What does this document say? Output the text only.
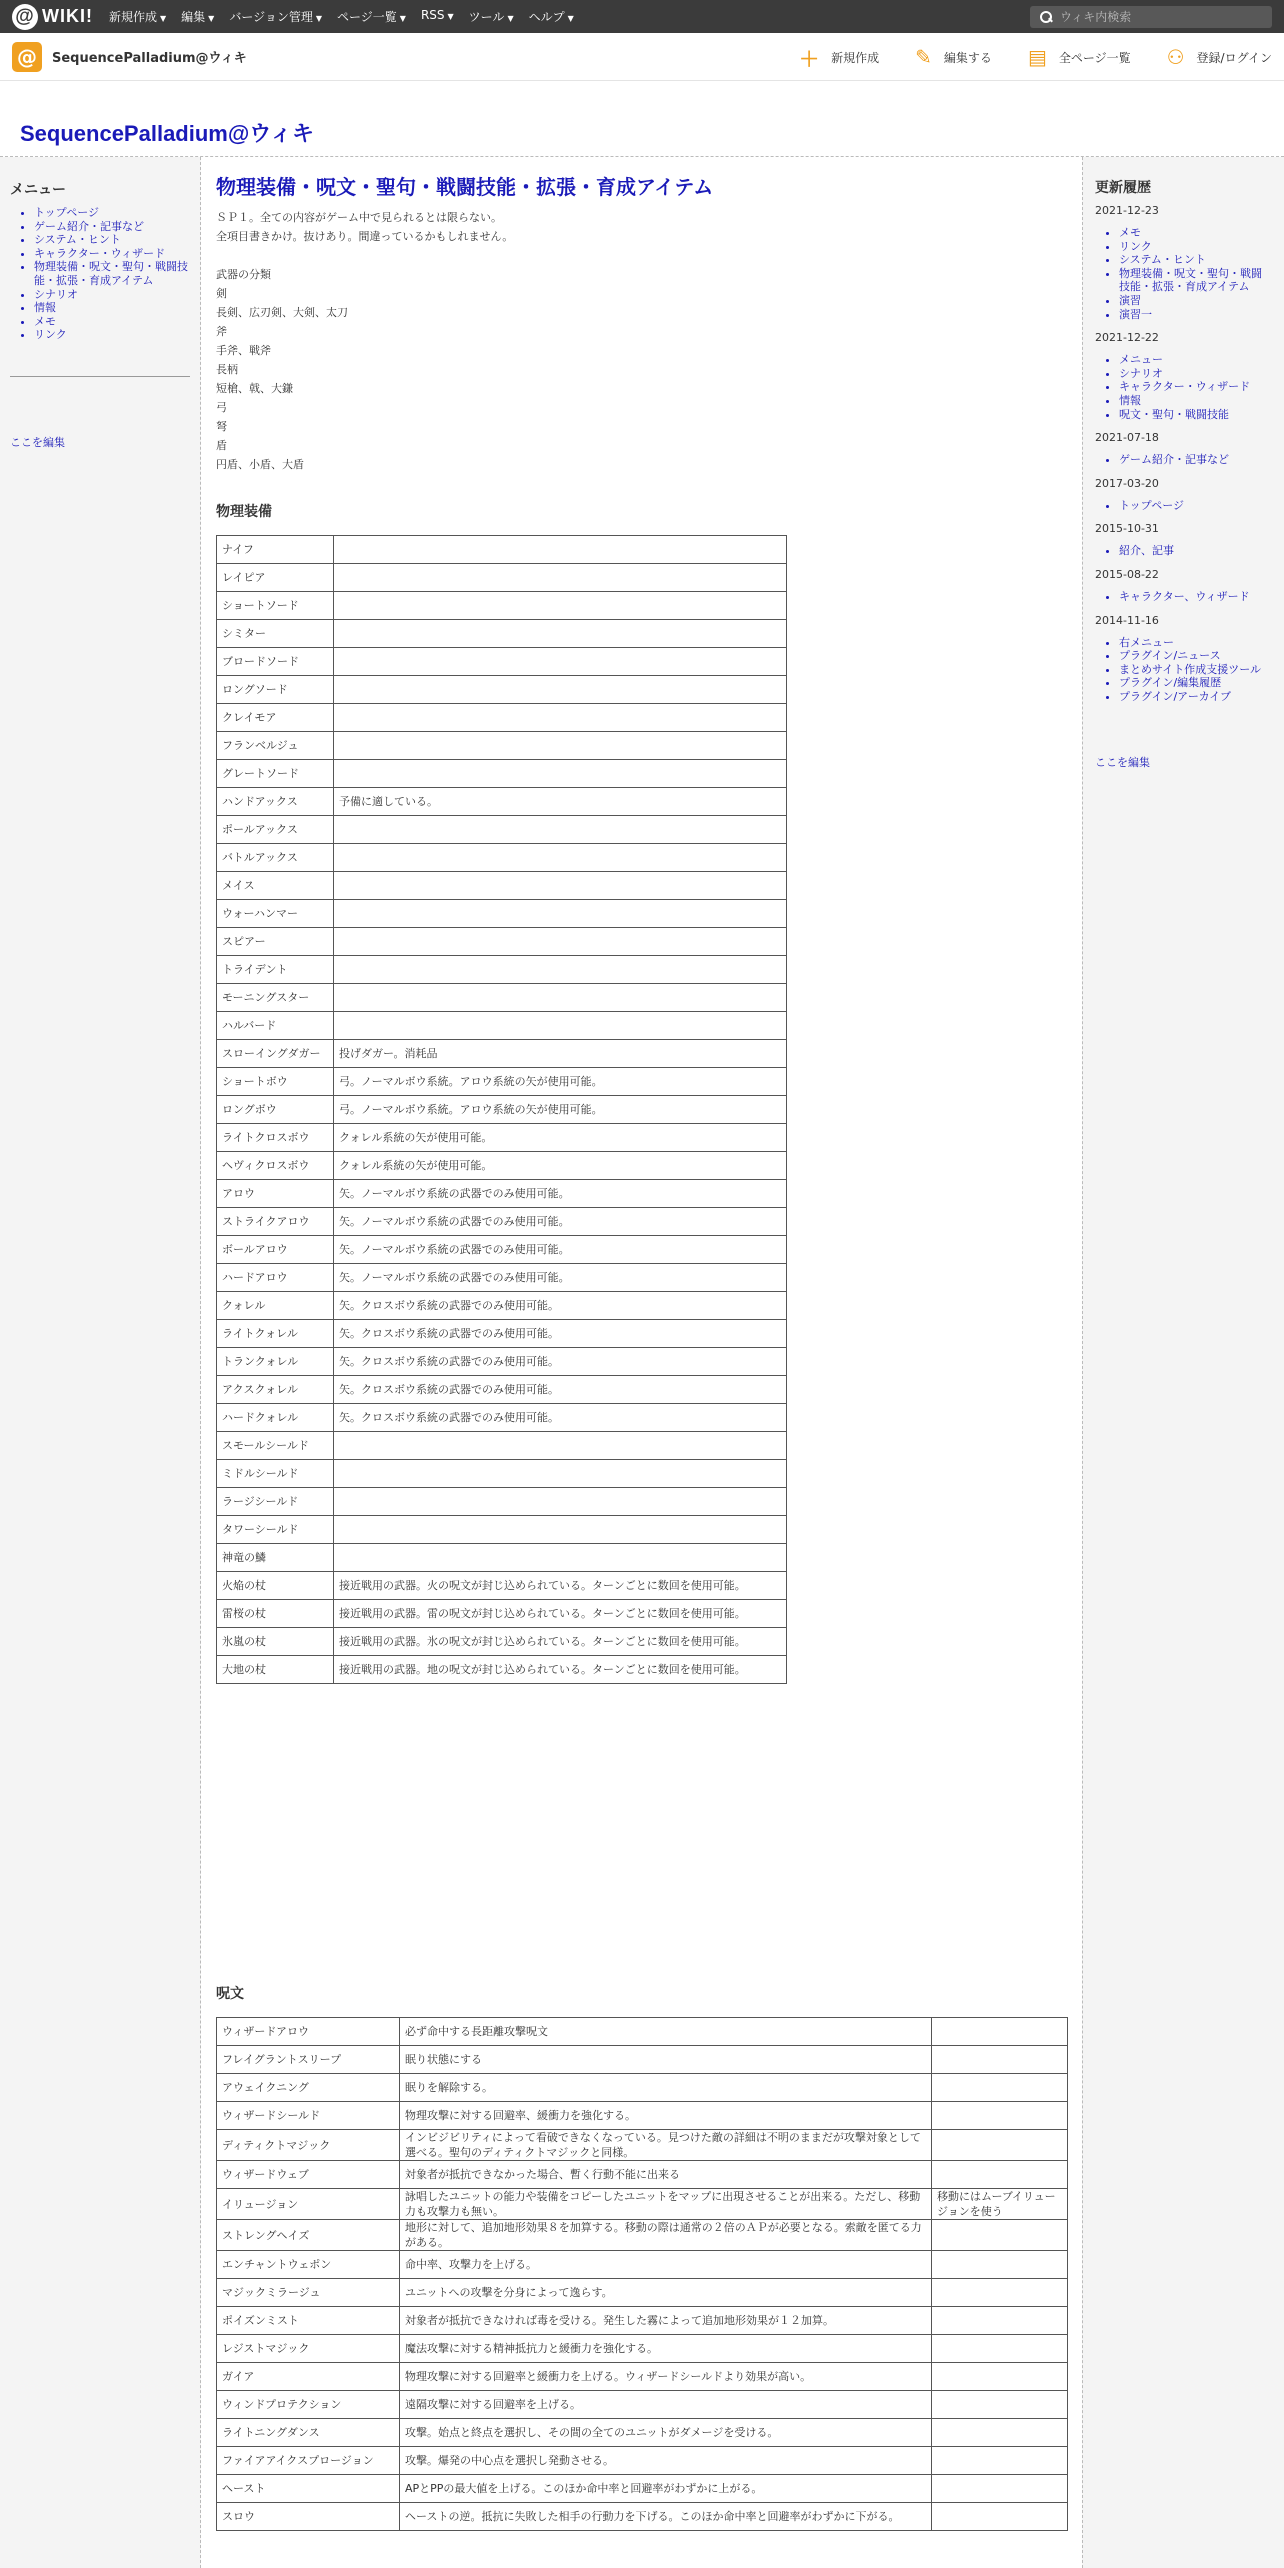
@ WIKI! 新規作成 ▼ 編集 ▼ バージョン管理 ▼ ページ一覧 ▼ RSS ▼ ツール ▼ ヘルプ ▼
ウィキ内検索
@	SequencePalladium@ウィキ	＋ 新規作成 ✎ 編集する ▤ 全ページ一覧 ⚇ 登録/ログイン
SequencePalladium@ウィキ
メニュー
• トップページ
• ゲーム紹介・記事など
• システム・ヒント
• キャラクター・ウィザード
• 物理装備・呪文・聖句・戦闘技能・拡張・育成アイテム
• シナリオ
• 情報
• メモ
• リンク
ここを編集
更新履歴
2021-12-23
• メモ
• リンク
• システム・ヒント
• 物理装備・呪文・聖句・戦闘技能・拡張・育成アイテム
• 演習
• 演習一
2021-12-22
• メニュー
• シナリオ
• キャラクター・ウィザード
• 情報
• 呪文・聖句・戦闘技能
2021-07-18
• ゲーム紹介・記事など
2017-03-20
• トップページ
2015-10-31
• 紹介、記事
2015-08-22
• キャラクター、ウィザード
2014-11-16
• 右メニュー
• プラグイン/ニュース
• まとめサイト作成支援ツール
• プラグイン/編集履歴
• プラグイン/アーカイブ
ここを編集
物理装備・呪文・聖句・戦闘技能・拡張・育成アイテム

ＳＰ１。全ての内容がゲーム中で見られるとは限らない。

全項目書きかけ。抜けあり。間違っているかもしれません。

武器の分類

剣

長剣、広刃剣、大剣、太刀

斧

手斧、戦斧

長柄

短槍、戟、大鎌

弓

弩

盾

円盾、小盾、大盾

物理装備
ナイフ	
レイピア	
ショートソード	
シミター	
ブロードソード	
ロングソード	
クレイモア	
フランベルジュ	
グレートソード	
ハンドアックス	予備に適している。
ポールアックス	
バトルアックス	
メイス	
ウォーハンマー	
スピアー	
トライデント	
モーニングスター	
ハルバード	
スローイングダガー	投げダガー。消耗品
ショートボウ	弓。ノーマルボウ系統。アロウ系統の矢が使用可能。
ロングボウ	弓。ノーマルボウ系統。アロウ系統の矢が使用可能。
ライトクロスボウ	クォレル系統の矢が使用可能。
ヘヴィクロスボウ	クォレル系統の矢が使用可能。
アロウ	矢。ノーマルボウ系統の武器でのみ使用可能。
ストライクアロウ	矢。ノーマルボウ系統の武器でのみ使用可能。
ボールアロウ	矢。ノーマルボウ系統の武器でのみ使用可能。
ハードアロウ	矢。ノーマルボウ系統の武器でのみ使用可能。
クォレル	矢。クロスボウ系統の武器でのみ使用可能。
ライトクォレル	矢。クロスボウ系統の武器でのみ使用可能。
トランクォレル	矢。クロスボウ系統の武器でのみ使用可能。
アクスクォレル	矢。クロスボウ系統の武器でのみ使用可能。
ハードクォレル	矢。クロスボウ系統の武器でのみ使用可能。
スモールシールド	
ミドルシールド	
ラージシールド	
タワーシールド	
神竜の鱗	
火焔の杖	接近戦用の武器。火の呪文が封じ込められている。ターンごとに数回を使用可能。
雷桜の杖	接近戦用の武器。雷の呪文が封じ込められている。ターンごとに数回を使用可能。
氷嵐の杖	接近戦用の武器。氷の呪文が封じ込められている。ターンごとに数回を使用可能。
大地の杖	接近戦用の武器。地の呪文が封じ込められている。ターンごとに数回を使用可能。
呪文
ウィザードアロウ	必ず命中する長距離攻撃呪文	
フレイグラントスリープ	眠り状態にする	
アウェイクニング	眠りを解除する。	
ウィザードシールド	物理攻撃に対する回避率、緩衝力を強化する。	
ディティクトマジック	インビジビリティによって看破できなくなっている。見つけた敵の詳細は不明のままだが攻撃対象として選べる。聖句のディティクトマジックと同様。	
ウィザードウェブ	対象者が抵抗できなかった場合、暫く行動不能に出来る	
イリュージョン	詠唱したユニットの能力や装備をコピーしたユニットをマップに出現させることが出来る。ただし、移動力も攻撃力も無い。	移動にはムーブイリュージョンを使う
ストレングヘイズ	地形に対して、追加地形効果８を加算する。移動の際は通常の２倍のＡＰが必要となる。索敵を匿てる力がある。	
エンチャントウェポン	命中率、攻撃力を上げる。	
マジックミラージュ	ユニットへの攻撃を分身によって逸らす。	
ポイズンミスト	対象者が抵抗できなければ毒を受ける。発生した霧によって追加地形効果が１２加算。	
レジストマジック	魔法攻撃に対する精神抵抗力と緩衝力を強化する。	
ガイア	物理攻撃に対する回避率と緩衝力を上げる。ウィザードシールドより効果が高い。	
ウィンドプロテクション	遠隔攻撃に対する回避率を上げる。	
ライトニングダンス	攻撃。始点と終点を選択し、その間の全てのユニットがダメージを受ける。	
ファイアアイクスプロージョン	攻撃。爆発の中心点を選択し発動させる。	
ヘースト	APとPPの最大値を上げる。このほか命中率と回避率がわずかに上がる。	
スロウ	ヘーストの逆。抵抗に失敗した相手の行動力を下げる。このほか命中率と回避率がわずかに下がる。	
